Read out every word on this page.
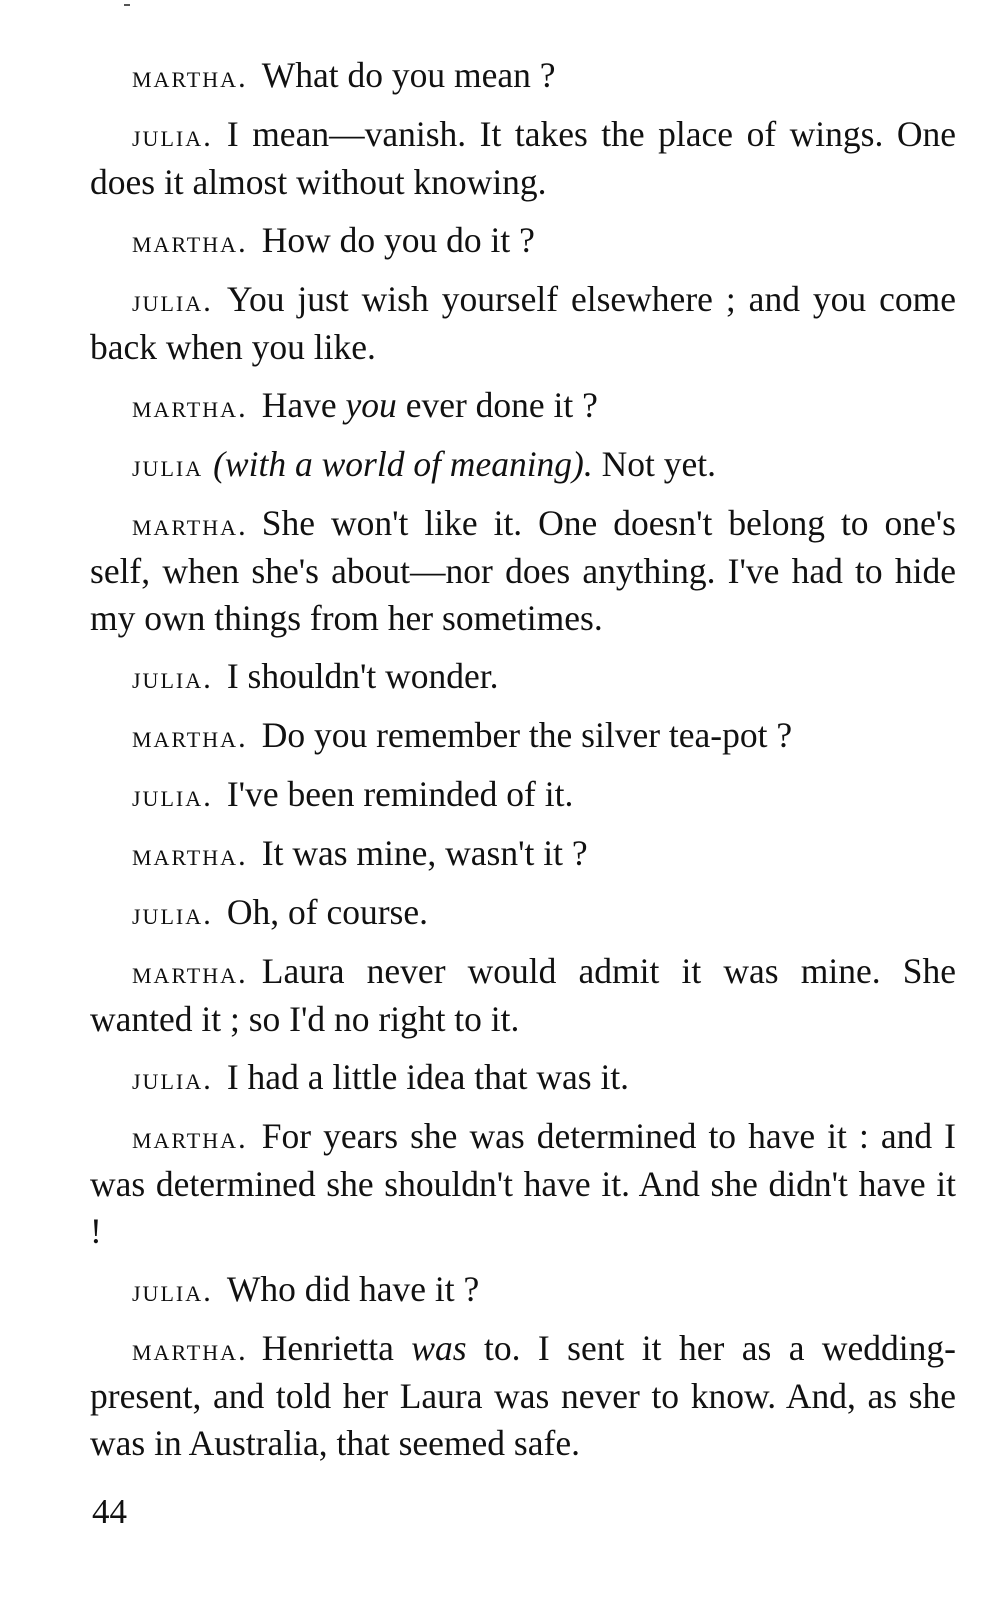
martha. What do you mean ?

julia. I mean—vanish. It takes the place of wings. One does it almost without knowing.

martha. How do you do it ?

julia. You just wish yourself elsewhere ; and you come back when you like.

martha. Have you ever done it ?

julia (with a world of meaning). Not yet.

martha. She won't like it. One doesn't belong to one's self, when she's about—nor does anything. I've had to hide my own things from her sometimes.

julia. I shouldn't wonder.

martha. Do you remember the silver tea-pot ?

julia. I've been reminded of it.

martha. It was mine, wasn't it ?

julia. Oh, of course.

martha. Laura never would admit it was mine. She wanted it ; so I'd no right to it.

julia. I had a little idea that was it.

martha. For years she was determined to have it : and I was determined she shouldn't have it. And she didn't have it !

julia. Who did have it ?

martha. Henrietta was to. I sent it her as a wedding-present, and told her Laura was never to know. And, as she was in Australia, that seemed safe.

44
